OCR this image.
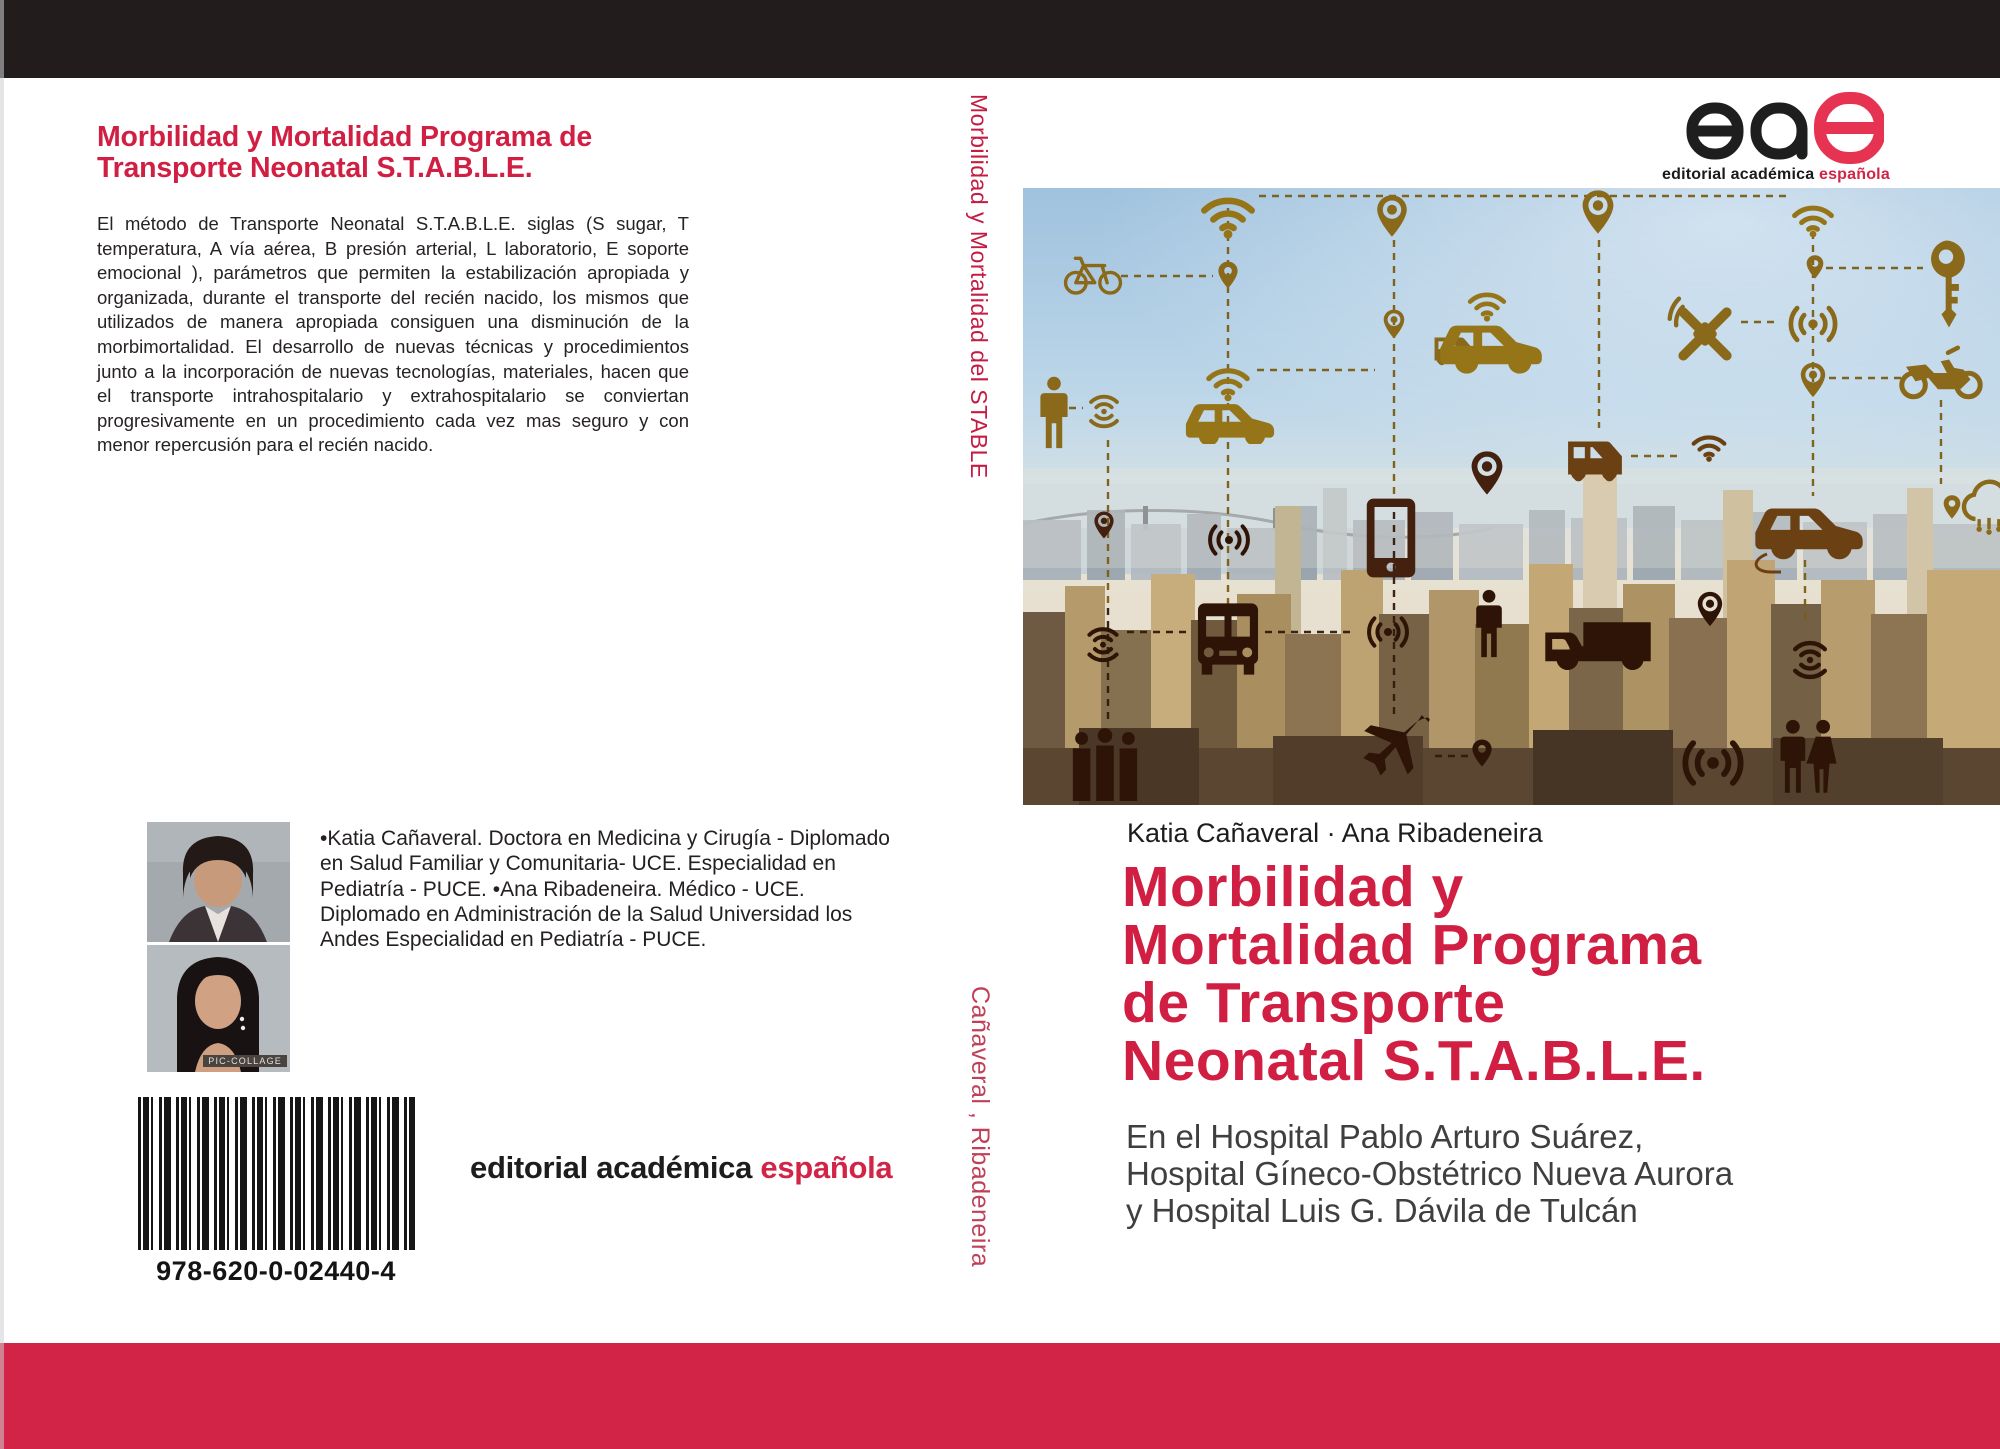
Morbilidad y Mortalidad Programa de Transporte Neonatal S.T.A.B.L.E.
El método de Transporte Neonatal S.T.A.B.L.E. siglas (S sugar, T temperatura, A vía aérea, B presión arterial, L laboratorio, E soporte emocional ), parámetros que permiten la estabilización apropiada y organizada, durante el transporte del recién nacido, los mismos que utilizados de manera apropiada consiguen una disminución de la morbimortalidad. El desarrollo de nuevas técnicas y procedimientos junto a la incorporación de nuevas tecnologías, materiales, hacen que el transporte intrahospitalario y extrahospitalario se conviertan progresivamente en un procedimiento cada vez mas seguro y con menor repercusión para el recién nacido.
PIC-COLLAGE
•Katia Cañaveral. Doctora en Medicina y Cirugía - Diplomado en Salud Familiar y Comunitaria- UCE. Especialidad en Pediatría - PUCE. •Ana Ribadeneira. Médico - UCE. Diplomado en Administración de la Salud Universidad los Andes Especialidad en Pediatría - PUCE.
978-620-0-02440-4
editorial académica española
Morbilidad y Mortalidad del STABLE
Cañaveral , Ribadeneira
editorial académica española
Katia Cañaveral · Ana Ribadeneira
Morbilidad y
Mortalidad Programa
de Transporte
Neonatal S.T.A.B.L.E.
En el Hospital Pablo Arturo Suárez,
Hospital Gíneco-Obstétrico Nueva Aurora
y Hospital Luis G. Dávila de Tulcán
